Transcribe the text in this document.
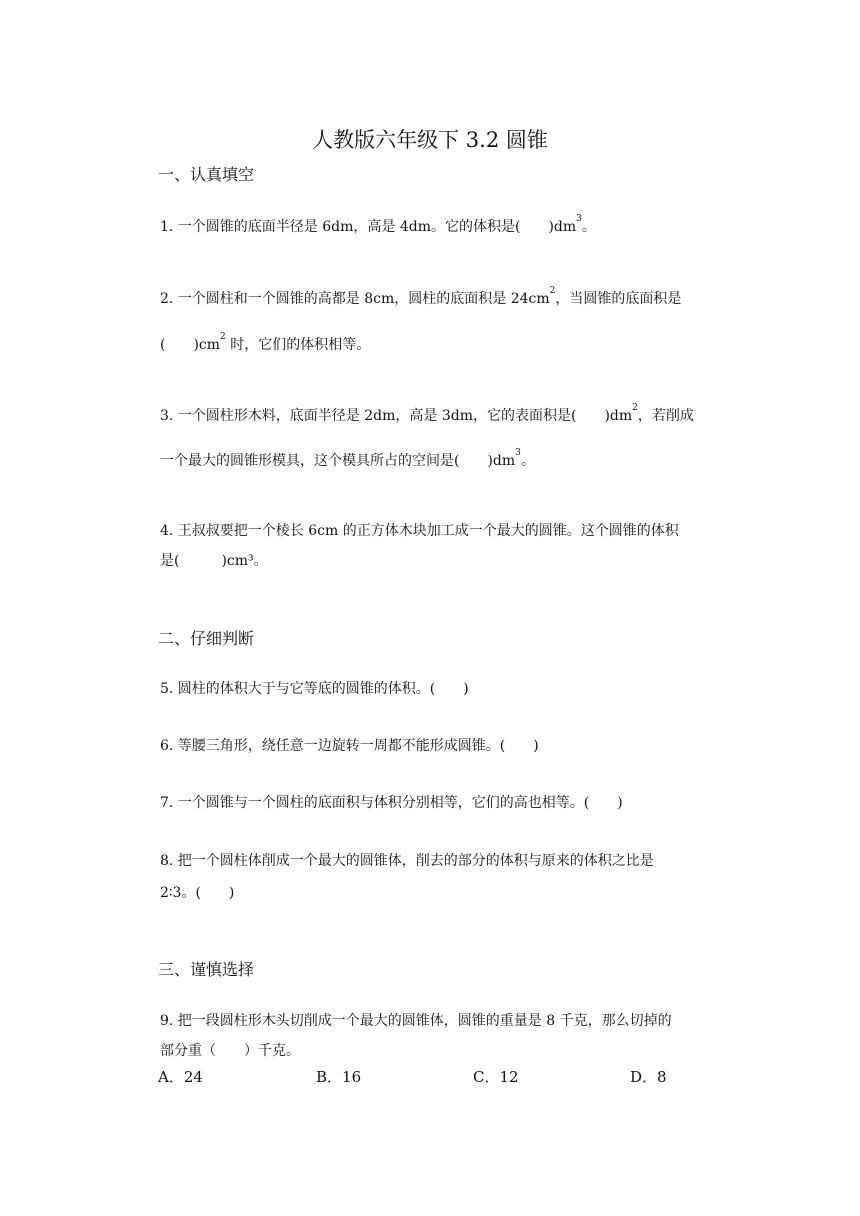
人教版六年级下 3.2 圆锥
一、认真填空
1. 一个圆锥的底面半径是 6dm，高是 4dm。它的体积是(　　)$dm^3$。
2. 一个圆柱和一个圆锥的高都是 8cm，圆柱的底面积是 $24cm^2$，当圆锥的底面积是
(　　)$cm^2$ 时，它们的体积相等。
3. 一个圆柱形木料，底面半径是 2dm，高是 3dm，它的表面积是(　　)$dm^2$，若削成
一个最大的圆锥形模具，这个模具所占的空间是(　　)$dm^3$。
4. 王叔叔要把一个棱长 6cm 的正方体木块加工成一个最大的圆锥。这个圆锥的体积
是(　　　)cm³。
二、仔细判断
5. 圆柱的体积大于与它等底的圆锥的体积。(　　)
6. 等腰三角形，绕任意一边旋转一周都不能形成圆锥。(　　)
7. 一个圆锥与一个圆柱的底面积与体积分别相等，它们的高也相等。(　　)
8. 把一个圆柱体削成一个最大的圆锥体，削去的部分的体积与原来的体积之比是
2∶3。(　　)
三、谨慎选择
9. 把一段圆柱形木头切削成一个最大的圆锥体，圆锥的重量是 8 千克，那么切掉的
部分重（　　）千克。
A．24	B．16	C．12	D．8
